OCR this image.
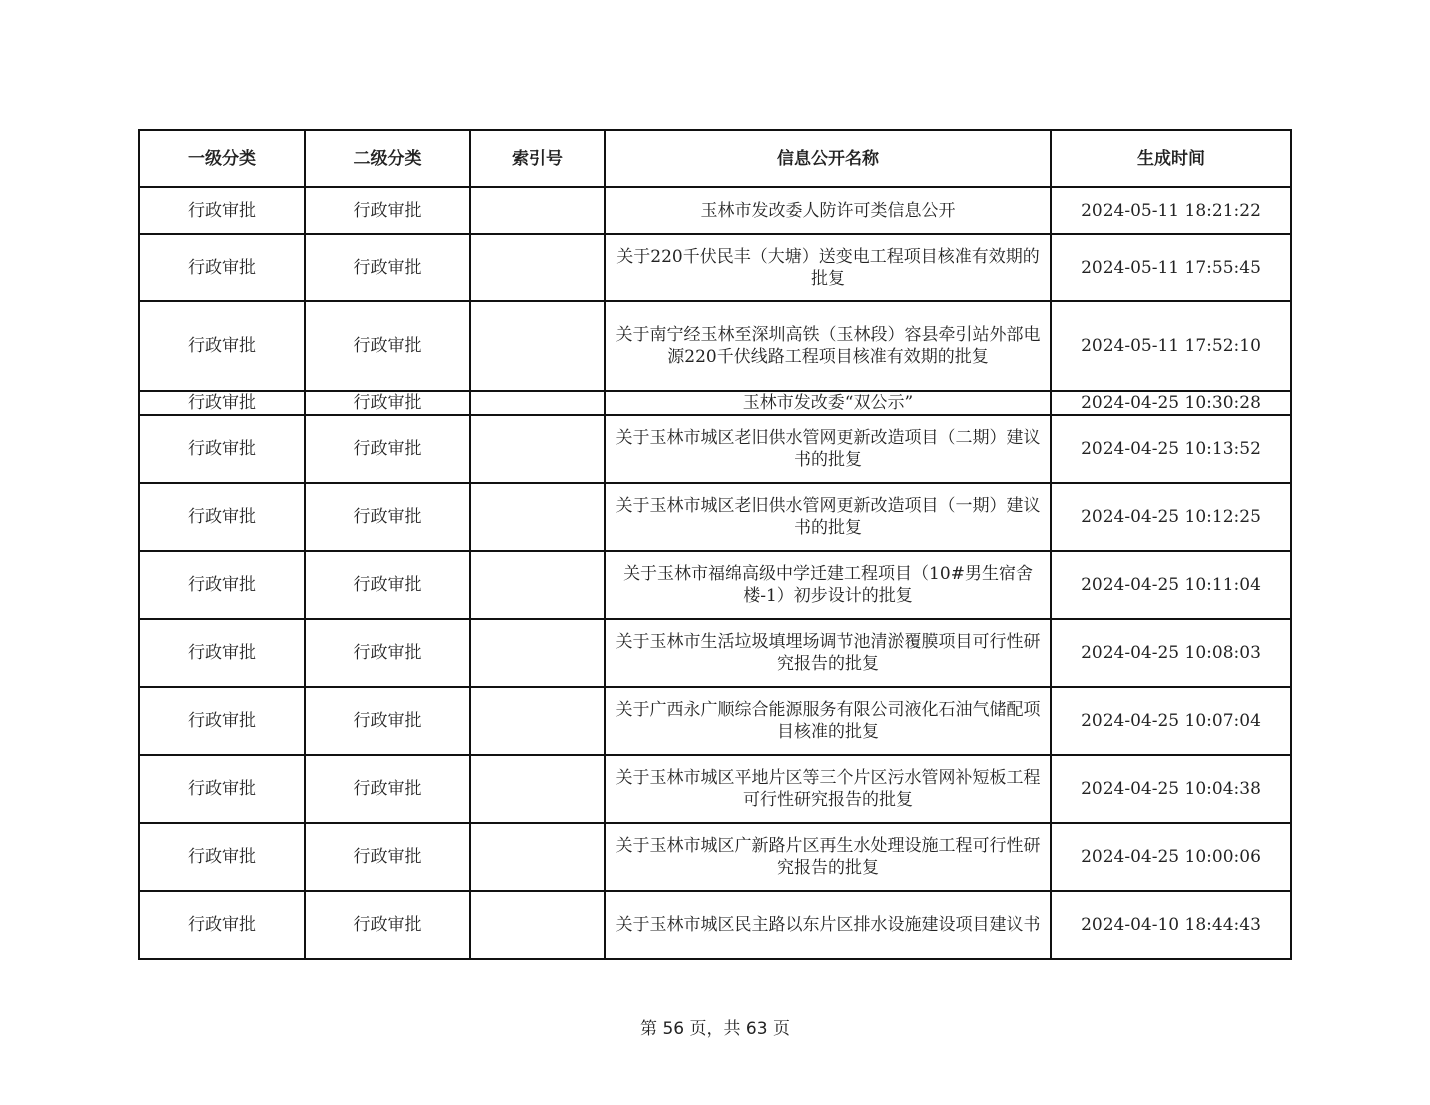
一级分类	二级分类	索引号	信息公开名称	生成时间
行政审批	行政审批		玉林市发改委人防许可类信息公开	2024-05-11 18:21:22
行政审批	行政审批		关于220千伏民丰（大塘）送变电工程项目核准有效期的批复	2024-05-11 17:55:45
行政审批	行政审批		关于南宁经玉林至深圳高铁（玉林段）容县牵引站外部电源220千伏线路工程项目核准有效期的批复	2024-05-11 17:52:10
行政审批	行政审批		玉林市发改委“双公示”	2024-04-25 10:30:28
行政审批	行政审批		关于玉林市城区老旧供水管网更新改造项目（二期）建议书的批复	2024-04-25 10:13:52
行政审批	行政审批		关于玉林市城区老旧供水管网更新改造项目（一期）建议书的批复	2024-04-25 10:12:25
行政审批	行政审批		关于玉林市福绵高级中学迁建工程项目（10#男生宿舍楼-1）初步设计的批复	2024-04-25 10:11:04
行政审批	行政审批		关于玉林市生活垃圾填埋场调节池清淤覆膜项目可行性研究报告的批复	2024-04-25 10:08:03
行政审批	行政审批		关于广西永广顺综合能源服务有限公司液化石油气储配项目核准的批复	2024-04-25 10:07:04
行政审批	行政审批		关于玉林市城区平地片区等三个片区污水管网补短板工程可行性研究报告的批复	2024-04-25 10:04:38
行政审批	行政审批		关于玉林市城区广新路片区再生水处理设施工程可行性研究报告的批复	2024-04-25 10:00:06
行政审批	行政审批		关于玉林市城区民主路以东片区排水设施建设项目建议书	2024-04-10 18:44:43
第 56 页，共 63 页
